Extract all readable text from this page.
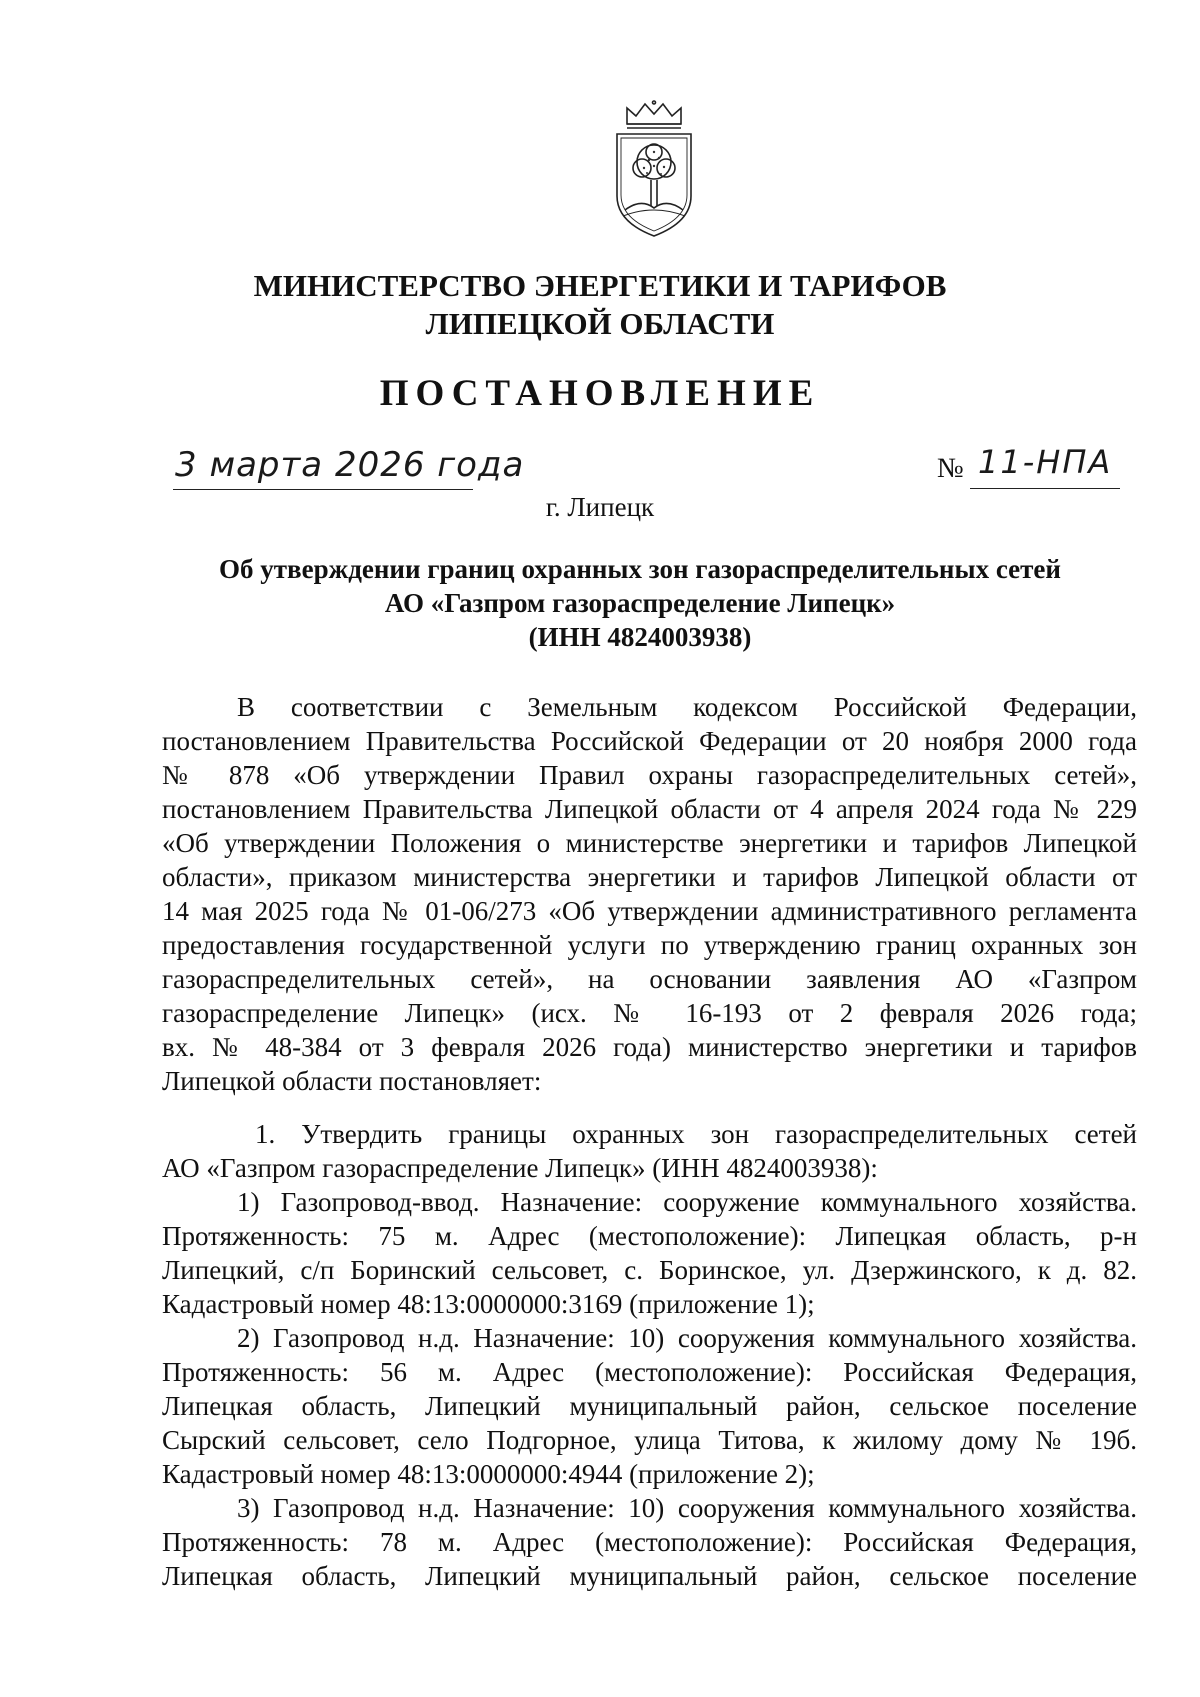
МИНИСТЕРСТВО ЭНЕРГЕТИКИ И ТАРИФОВ
ЛИПЕЦКОЙ ОБЛАСТИ
ПОСТАНОВЛЕНИЕ
3 марта 2026 года	№ 11-НПА
г. Липецк
Об утверждении границ охранных зон газораспределительных сетей
АО «Газпром газораспределение Липецк»
(ИНН 4824003938)
В соответствии с Земельным кодексом Российской Федерации,
постановлением Правительства Российской Федерации от 20 ноября 2000 года
№ 878 «Об утверждении Правил охраны газораспределительных сетей»,
постановлением Правительства Липецкой области от 4 апреля 2024 года № 229
«Об утверждении Положения о министерстве энергетики и тарифов Липецкой
области», приказом министерства энергетики и тарифов Липецкой области от
14 мая 2025 года № 01-06/273 «Об утверждении административного регламента
предоставления государственной услуги по утверждению границ охранных зон
газораспределительных сетей», на основании заявления АО «Газпром
газораспределение Липецк» (исх. № 16-193 от 2 февраля 2026 года;
вх. № 48-384 от 3 февраля 2026 года) министерство энергетики и тарифов
Липецкой области постановляет:
1. Утвердить границы охранных зон газораспределительных сетей
АО «Газпром газораспределение Липецк» (ИНН 4824003938):
1) Газопровод-ввод. Назначение: сооружение коммунального хозяйства.
Протяженность: 75 м. Адрес (местоположение): Липецкая область, р-н
Липецкий, с/п Боринский сельсовет, с. Боринское, ул. Дзержинского, к д. 82.
Кадастровый номер 48:13:0000000:3169 (приложение 1);
2) Газопровод н.д. Назначение: 10) сооружения коммунального хозяйства.
Протяженность: 56 м. Адрес (местоположение): Российская Федерация,
Липецкая область, Липецкий муниципальный район, сельское поселение
Сырский сельсовет, село Подгорное, улица Титова, к жилому дому № 19б.
Кадастровый номер 48:13:0000000:4944 (приложение 2);
3) Газопровод н.д. Назначение: 10) сооружения коммунального хозяйства.
Протяженность: 78 м. Адрес (местоположение): Российская Федерация,
Липецкая область, Липецкий муниципальный район, сельское поселение
